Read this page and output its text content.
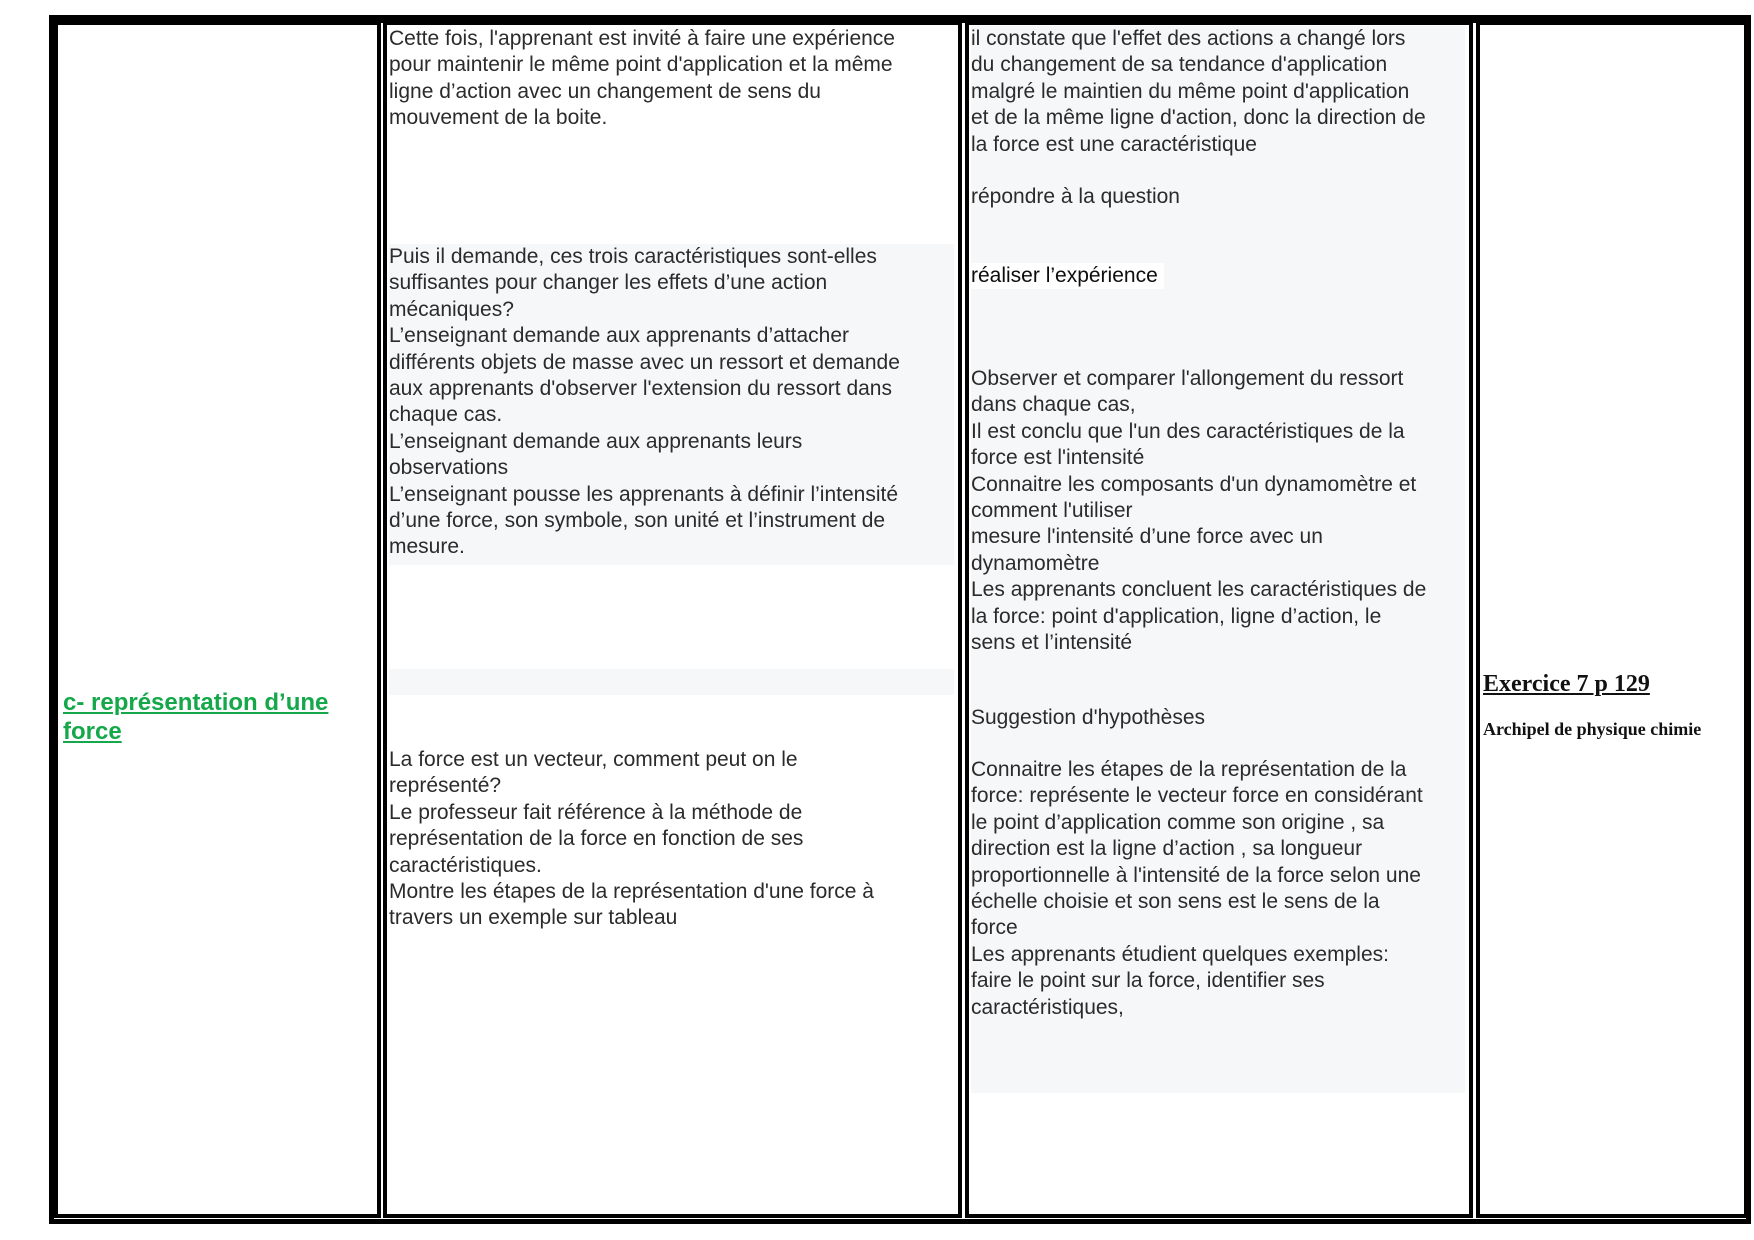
c- représentation d’une
force
Cette fois, l'apprenant est invité à faire une expérience
pour maintenir le même point d'application et la même
ligne d’action avec un changement de sens du
mouvement de la boite.
Puis il demande, ces trois caractéristiques sont-elles
suffisantes pour changer les effets d’une action
mécaniques?
L’enseignant demande aux apprenants d’attacher
différents objets de masse avec un ressort et demande
aux apprenants d'observer l'extension du ressort dans
chaque cas.
L’enseignant demande aux apprenants leurs
observations
L’enseignant pousse les apprenants à définir l’intensité
d’une force, son symbole, son unité et l’instrument de
mesure.
La force est un vecteur, comment peut on le
représenté?
Le professeur fait référence à la méthode de
représentation de la force en fonction de ses
caractéristiques.
Montre les étapes de la représentation d'une force à
travers un exemple sur tableau
il constate que l'effet des actions a changé lors
du changement de sa tendance d'application
malgré le maintien du même point d'application
et de la même ligne d'action, donc la direction de
la force est une caractéristique
répondre à la question
réaliser l’expérience
Observer et comparer l'allongement du ressort
dans chaque cas,
Il est conclu que l'un des caractéristiques de la
force est l'intensité
Connaitre les composants d'un dynamomètre et
comment l'utiliser
mesure l'intensité d’une force avec un
dynamomètre
Les apprenants concluent les caractéristiques de
la force: point d'application, ligne d’action, le
sens et l’intensité
Suggestion d'hypothèses
Connaitre les étapes de la représentation de la
force: représente le vecteur force en considérant
le point d’application comme son origine , sa
direction est la ligne d’action , sa longueur
proportionnelle à l'intensité de la force selon une
échelle choisie et son sens est le sens de la
force
Les apprenants étudient quelques exemples:
faire le point sur la force, identifier ses
caractéristiques,
Exercice 7 p 129
Archipel de physique chimie
